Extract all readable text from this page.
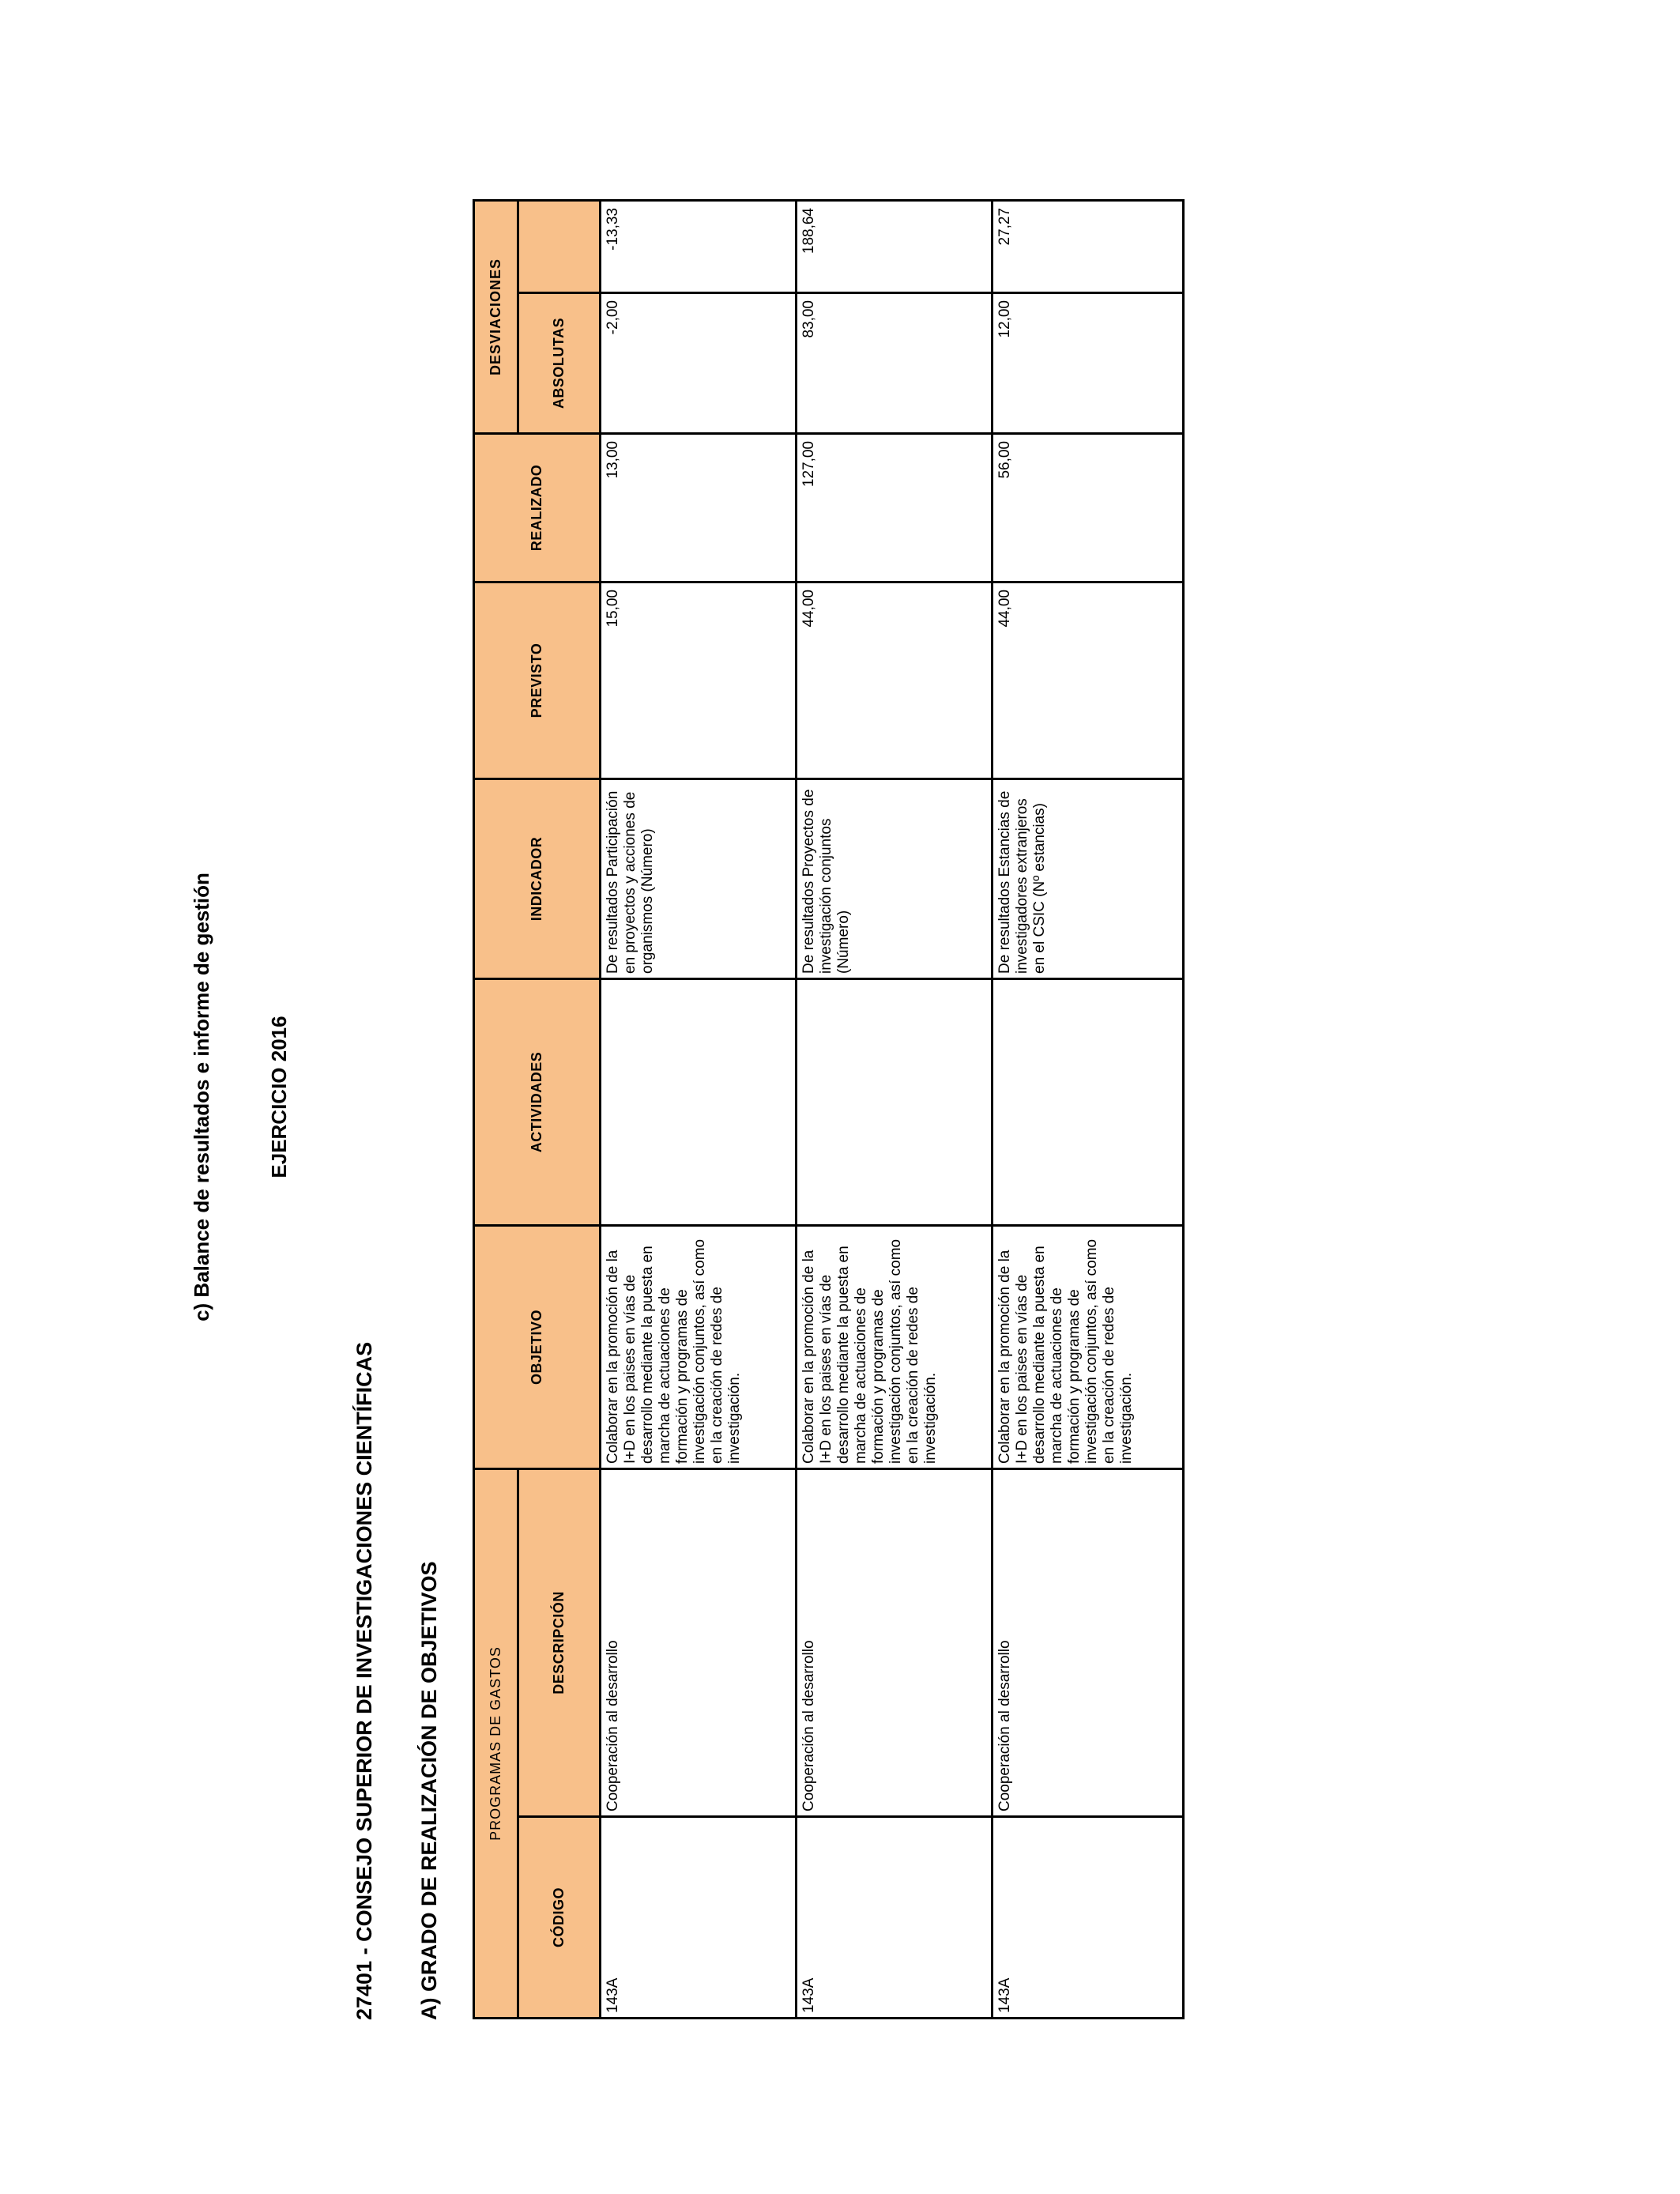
c) Balance de resultados e informe de gestión	EJERCICIO 2016
27401 - CONSEJO SUPERIOR DE INVESTIGACIONES CIENTÍFICAS A) GRADO DE REALIZACIÓN DE OBJETIVOS	PROGRAMAS DE GASTOS		OBJETIVO	ACTIVIDADES	INDICADOR	PREVISTO	REALIZADO	DESVIACIONES	
CÓDIGO	DESCRIPCIÓN						ABSOLUTAS	
143A	Cooperación al desarrollo	Colaborar en la promoción de la I+D en los paises en vías de desarrollo mediante la puesta en marcha de actuaciones de formación y programas de investigación conjuntos, así como en la creación de redes de investigación.		De resultados Participación en proyectos y acciones de organismos (Número)	15,00	13,00	-2,00	-13,33
143A	Cooperación al desarrollo	Colaborar en la promoción de la I+D en los paises en vías de desarrollo mediante la puesta en marcha de actuaciones de formación y programas de investigación conjuntos, así como en la creación de redes de investigación.		De resultados Proyectos de investigación conjuntos (Número)	44,00	127,00	83,00	188,64
143A	Cooperación al desarrollo	Colaborar en la promoción de la I+D en los paises en vías de desarrollo mediante la puesta en marcha de actuaciones de formación y programas de investigación conjuntos, así como en la creación de redes de investigación.		De resultados Estancias de investigadores extranjeros en el CSIC (Nº estancias)	44,00	56,00	12,00	27,27
